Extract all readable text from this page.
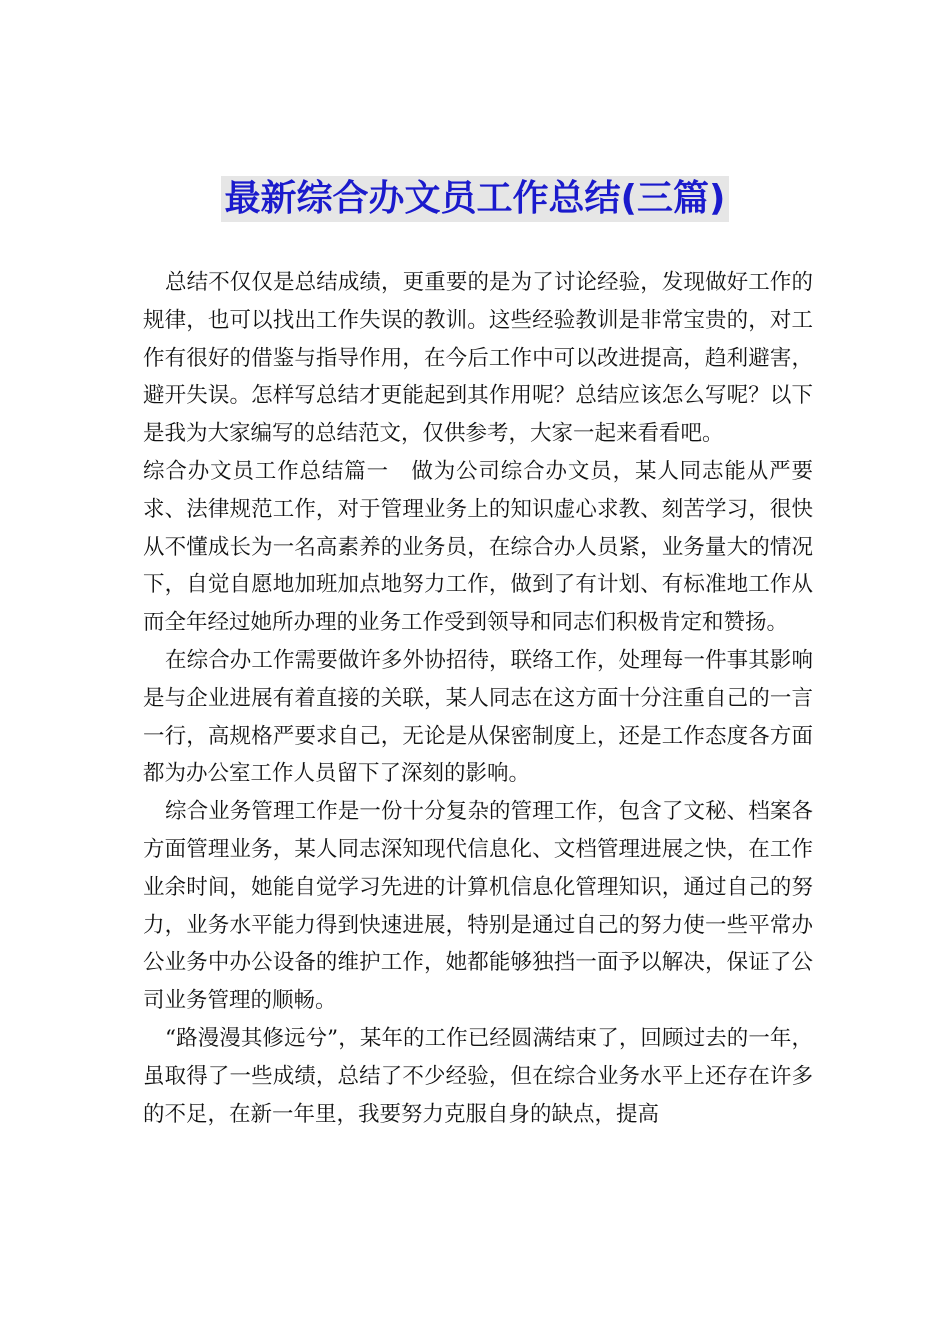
最新综合办文员工作总结(三篇)

总结不仅仅是总结成绩，更重要的是为了讨论经验，发现做好工作的规律，也可以找出工作失误的教训。这些经验教训是非常宝贵的，对工作有很好的借鉴与指导作用，在今后工作中可以改进提高，趋利避害，避开失误。怎样写总结才更能起到其作用呢？总结应该怎么写呢？以下是我为大家编写的总结范文，仅供参考，大家一起来看看吧。

综合办文员工作总结篇一　做为公司综合办文员，某人同志能从严要求、法律规范工作，对于管理业务上的知识虚心求教、刻苦学习，很快从不懂成长为一名高素养的业务员，在综合办人员紧，业务量大的情况下，自觉自愿地加班加点地努力工作，做到了有计划、有标准地工作从而全年经过她所办理的业务工作受到领导和同志们积极肯定和赞扬。

在综合办工作需要做许多外协招待，联络工作，处理每一件事其影响是与企业进展有着直接的关联，某人同志在这方面十分注重自己的一言一行，高规格严要求自己，无论是从保密制度上，还是工作态度各方面都为办公室工作人员留下了深刻的影响。

综合业务管理工作是一份十分复杂的管理工作，包含了文秘、档案各方面管理业务，某人同志深知现代信息化、文档管理进展之快，在工作业余时间，她能自觉学习先进的计算机信息化管理知识，通过自己的努力，业务水平能力得到快速进展，特别是通过自己的努力使一些平常办公业务中办公设备的维护工作，她都能够独挡一面予以解决，保证了公司业务管理的顺畅。

“路漫漫其修远兮”，某年的工作已经圆满结束了，回顾过去的一年，虽取得了一些成绩，总结了不少经验，但在综合业务水平上还存在许多的不足，在新一年里，我要努力克服自身的缺点，提高
